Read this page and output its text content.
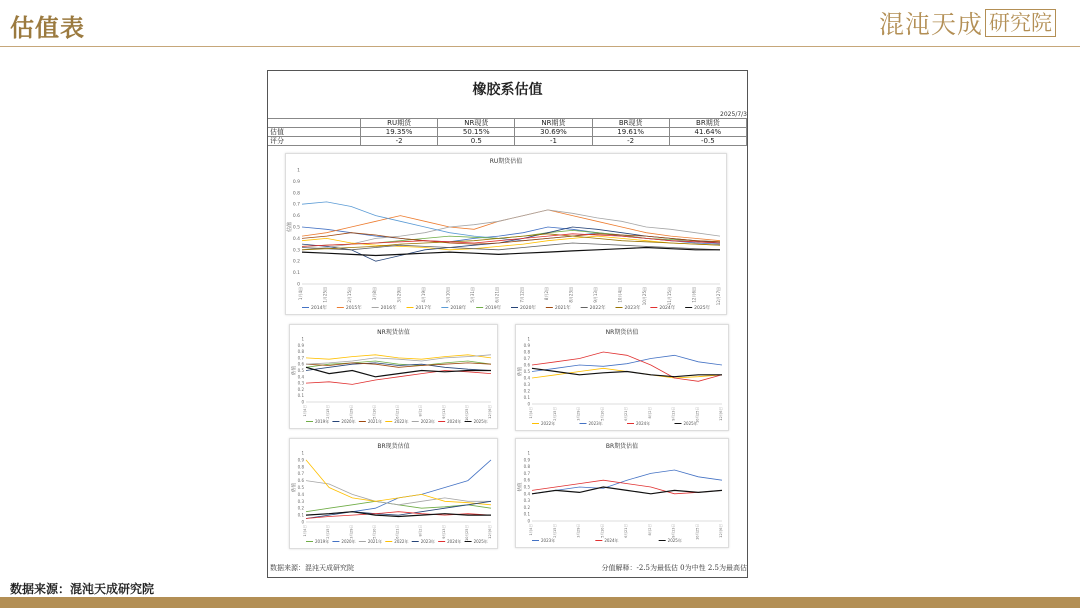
估值表	混沌天成 研究院
橡胶系估值
2025/7/3
	RU期货	NR现货	NR期货	BR现货	BR期货
估值	19.35%	50.15%	30.69%	19.61%	41.64%
评分	-2	0.5	-1	-2	-0.5
RU期货估值
估值
0
0.1
0.2
0.3
0.4
0.5
0.6
0.7
0.8
0.9
1
1月4日	1月25日	2月15日	3月8日	3月29日	4月19日	5月10日	5月31日	6月21日	7月12日	8月2日	8月23日	9月13日	10月4日	10月25日	11月15日	12月6日	12月27日
2014年	2015年	2016年	2017年	2018年	2019年	2020年	2021年	2022年	2023年	2024年	2025年
NR现货估值
估值
0
0.1
0.2
0.3
0.4
0.5
0.6
0.7
0.8
0.9
1
1月4日	2月15日	3月29日	5月10日	6月21日	8月2日	9月13日	10月25日	12月6日
2019年	2020年	2021年	2022年	2023年	2024年	2025年
NR期货估值
估值
0
0.1
0.2
0.3
0.4
0.5
0.6
0.7
0.8
0.9
1
1月4日	2月15日	3月29日	5月10日	6月21日	8月2日	9月13日	10月25日	12月6日
2022年	2023年	2024年	2025年
BR现货估值
估值
0
0.1
0.2
0.3
0.4
0.5
0.6
0.7
0.8
0.9
1
1月4日	2月15日	3月29日	5月10日	6月21日	8月2日	9月13日	10月25日	12月6日
2019年	2020年	2021年	2022年	2023年	2024年	2025年
BR期货估值
估值
0
0.1
0.2
0.3
0.4
0.5
0.6
0.7
0.8
0.9
1
1月4日	2月15日	3月29日	5月10日	6月21日	8月2日	9月13日	10月25日	12月6日
2023年	2024年	2025年
数据来源：混沌天成研究院	分值解释：-2.5为最低估 0为中性 2.5为最高估
数据来源：混沌天成研究院
